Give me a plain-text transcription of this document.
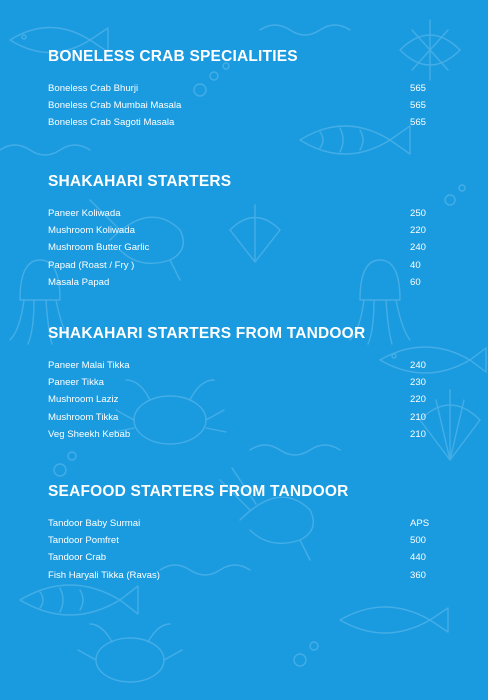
BONELESS CRAB SPECIALITIES
Boneless Crab Bhurji	565
Boneless Crab Mumbai Masala	565
Boneless Crab Sagoti Masala	565
SHAKAHARI STARTERS
Paneer Koliwada	250
Mushroom Koliwada	220
Mushroom Butter Garlic	240
Papad (Roast / Fry )	40
Masala Papad	60
SHAKAHARI STARTERS FROM TANDOOR
Paneer Malai Tikka	240
Paneer Tikka	230
Mushroom Laziz	220
Mushroom Tikka	210
Veg Sheekh Kebab	210
SEAFOOD STARTERS FROM TANDOOR
Tandoor Baby Surmai	APS
Tandoor Pomfret	500
Tandoor Crab	440
Fish Haryali Tikka (Ravas)	360
